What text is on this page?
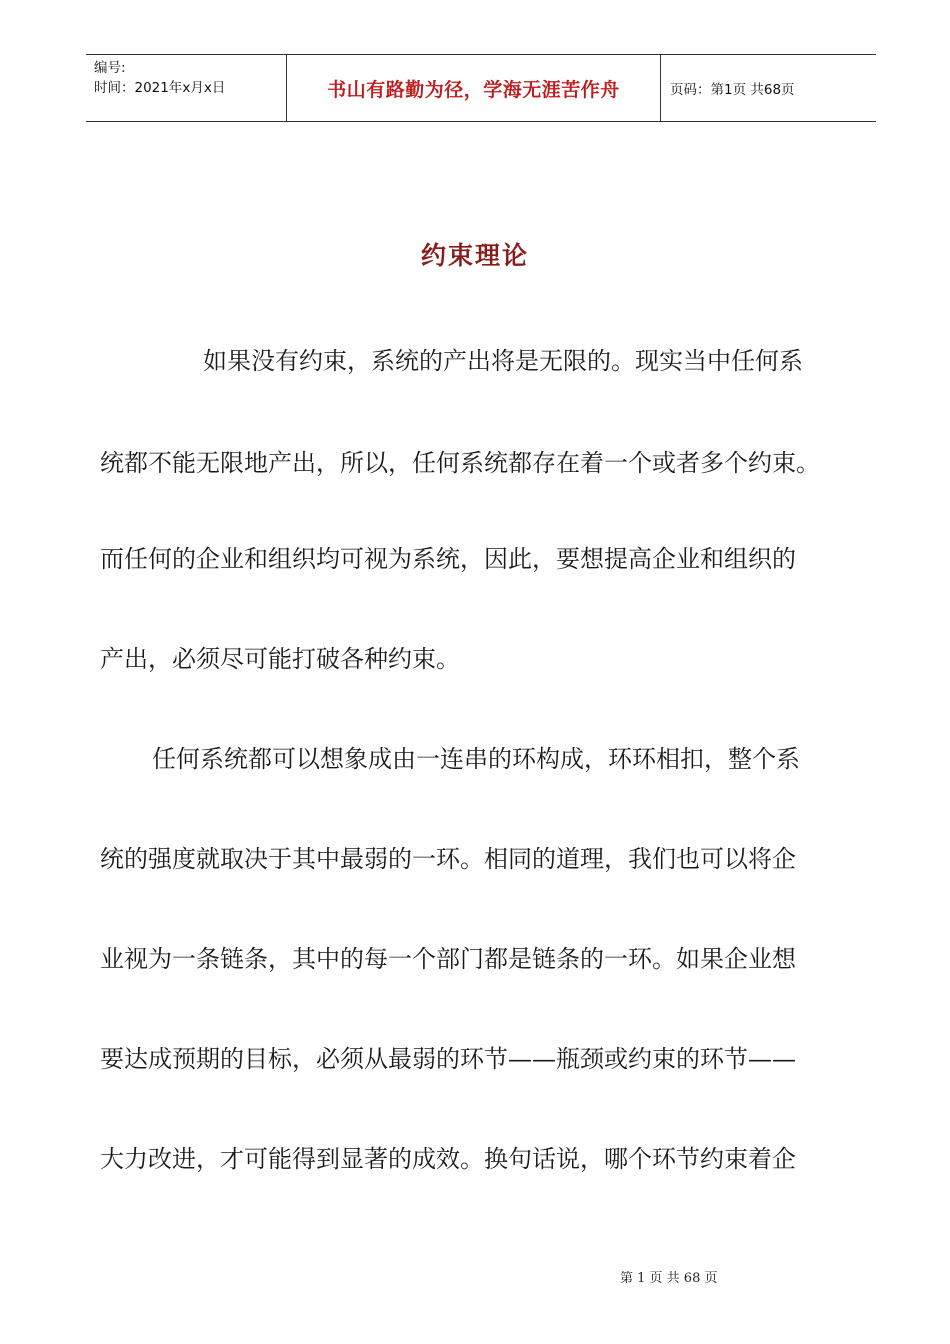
编号:
时间：2021年x月x日	书山有路勤为径，学海无涯苦作舟	页码：第1页 共68页
约束理论
如果没有约束，系统的产出将是无限的。现实当中任何系
统都不能无限地产出，所以，任何系统都存在着一个或者多个约束。
而任何的企业和组织均可视为系统，因此，要想提高企业和组织的
产出，必须尽可能打破各种约束。
任何系统都可以想象成由一连串的环构成，环环相扣，整个系
统的强度就取决于其中最弱的一环。相同的道理，我们也可以将企
业视为一条链条，其中的每一个部门都是链条的一环。如果企业想
要达成预期的目标，必须从最弱的环节——瓶颈或约束的环节——
大力改进，才可能得到显著的成效。换句话说，哪个环节约束着企
第 1 页 共 68 页
